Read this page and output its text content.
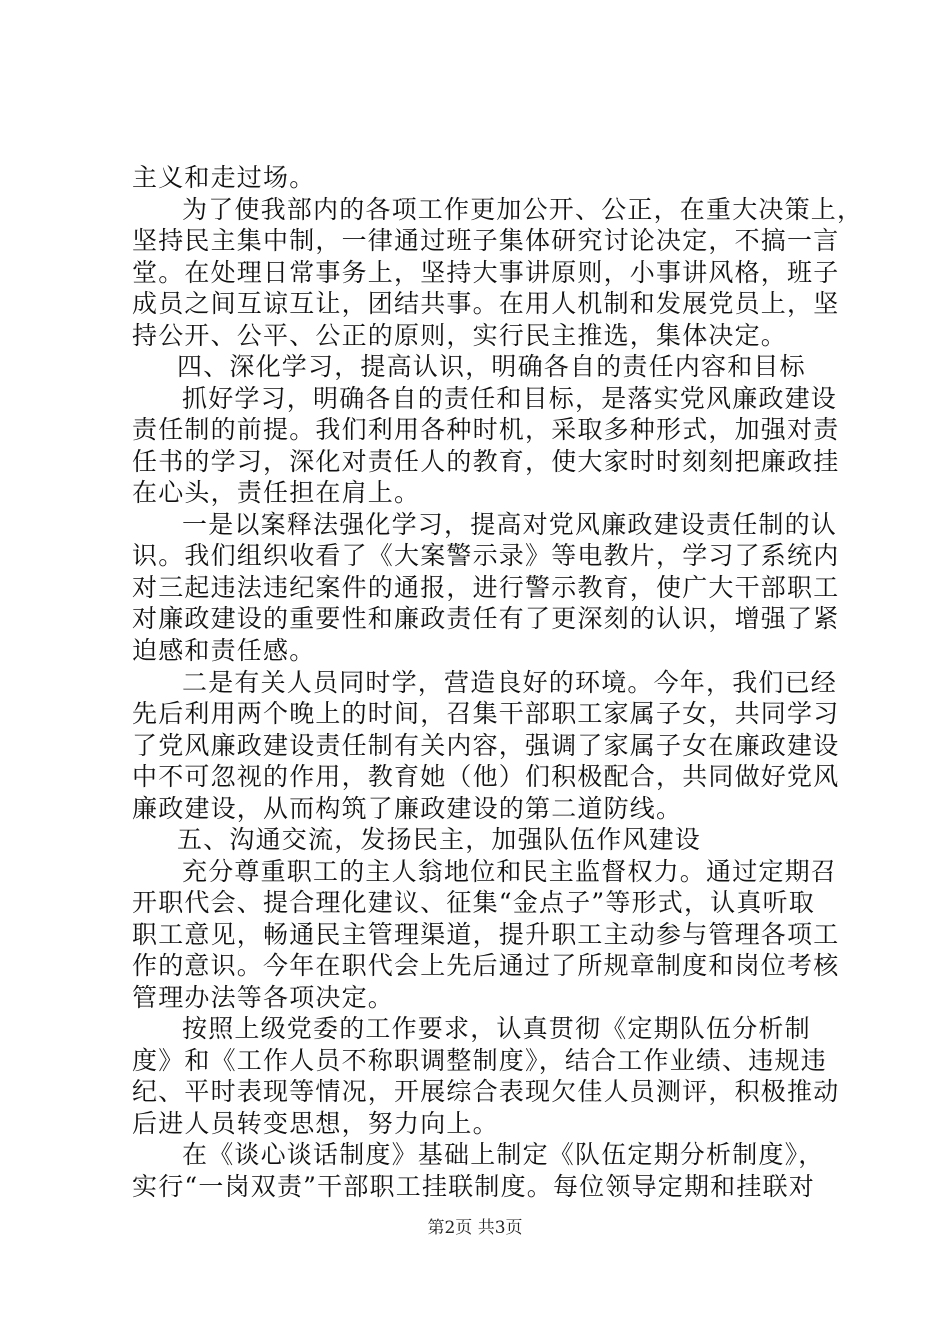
主义和走过场。
为了使我部内的各项工作更加公开、公正，在重大决策上，
坚持民主集中制，一律通过班子集体研究讨论决定，不搞一言
堂。在处理日常事务上，坚持大事讲原则，小事讲风格，班子
成员之间互谅互让，团结共事。在用人机制和发展党员上，坚
持公开、公平、公正的原则，实行民主推选，集体决定。
四、深化学习，提高认识，明确各自的责任内容和目标
抓好学习，明确各自的责任和目标，是落实党风廉政建设
责任制的前提。我们利用各种时机，采取多种形式，加强对责
任书的学习，深化对责任人的教育，使大家时时刻刻把廉政挂
在心头，责任担在肩上。
一是以案释法强化学习，提高对党风廉政建设责任制的认
识。我们组织收看了《大案警示录》等电教片，学习了系统内
对三起违法违纪案件的通报，进行警示教育，使广大干部职工
对廉政建设的重要性和廉政责任有了更深刻的认识，增强了紧
迫感和责任感。
二是有关人员同时学，营造良好的环境。今年，我们已经
先后利用两个晚上的时间，召集干部职工家属子女，共同学习
了党风廉政建设责任制有关内容，强调了家属子女在廉政建设
中不可忽视的作用，教育她（他）们积极配合，共同做好党风
廉政建设，从而构筑了廉政建设的第二道防线。
五、沟通交流，发扬民主，加强队伍作风建设
充分尊重职工的主人翁地位和民主监督权力。通过定期召
开职代会、提合理化建议、征集“金点子”等形式，认真听取
职工意见，畅通民主管理渠道，提升职工主动参与管理各项工
作的意识。今年在职代会上先后通过了所规章制度和岗位考核
管理办法等各项决定。
按照上级党委的工作要求，认真贯彻《定期队伍分析制
度》和《工作人员不称职调整制度》，结合工作业绩、违规违
纪、平时表现等情况，开展综合表现欠佳人员测评，积极推动
后进人员转变思想，努力向上。
在《谈心谈话制度》基础上制定《队伍定期分析制度》，
实行“一岗双责”干部职工挂联制度。每位领导定期和挂联对
第2页 共3页
